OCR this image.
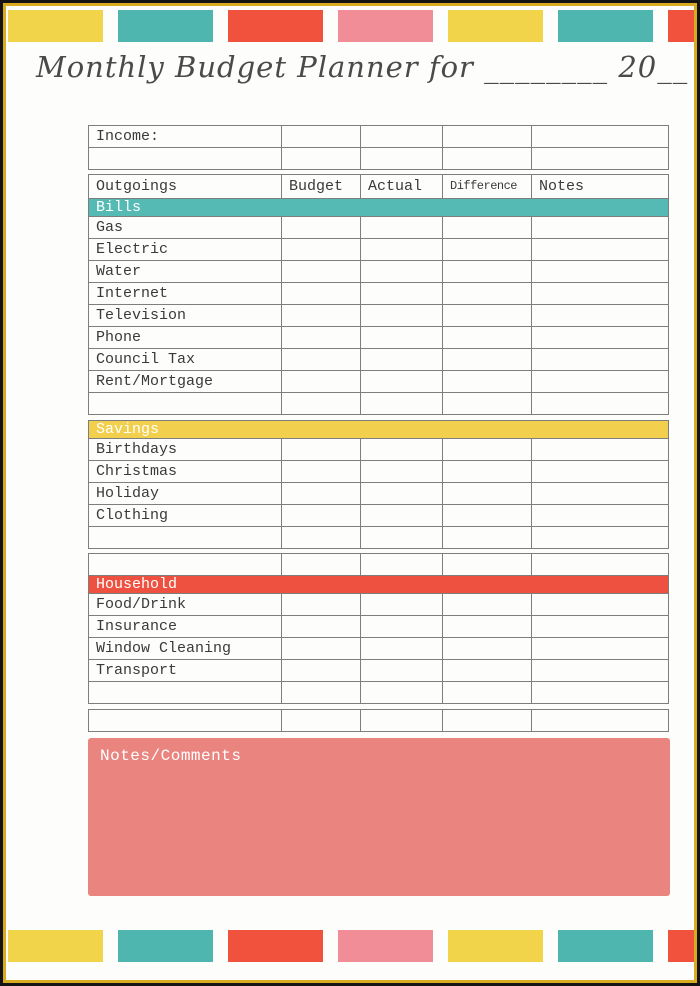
Monthly Budget Planner for ________ 20__
Income:				

Outgoings	Budget	Actual	Difference	Notes
Bills				
Gas				
Electric				
Water				
Internet				
Television				
Phone				
Council Tax				
Rent/Mortgage				

Savings				
Birthdays				
Christmas				
Holiday				
Clothing				

Household				
Food/Drink				
Insurance				
Window Cleaning				
Transport				

Notes/Comments
